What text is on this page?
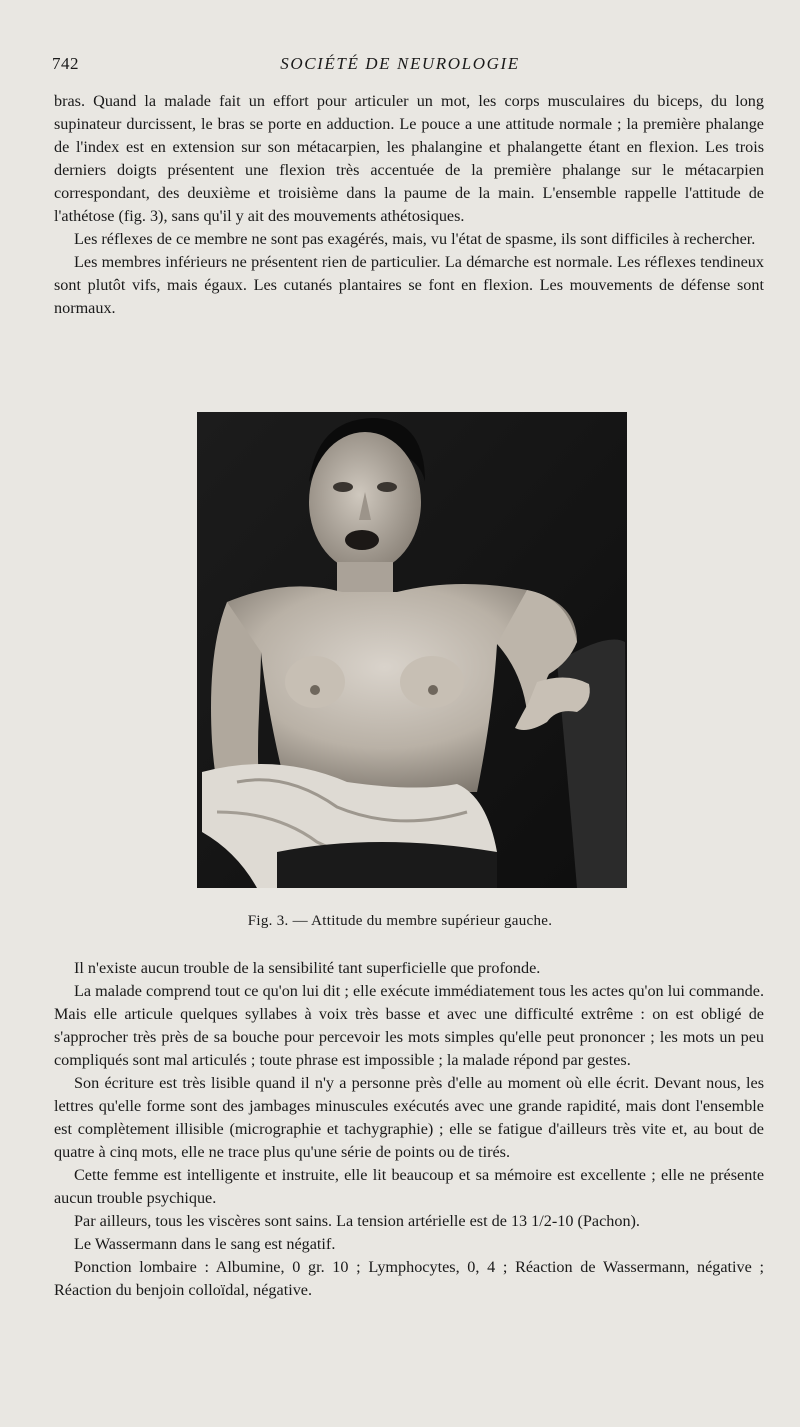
742	SOCIÉTÉ DE NEUROLOGIE

bras. Quand la malade fait un effort pour articuler un mot, les corps musculaires du biceps, du long supinateur durcissent, le bras se porte en adduction. Le pouce a une attitude normale ; la première phalange de l'index est en extension sur son métacarpien, les phalangine et phalangette étant en flexion. Les trois derniers doigts présentent une flexion très accentuée de la première phalange sur le métacarpien correspondant, des deuxième et troisième dans la paume de la main. L'ensemble rappelle l'attitude de l'athétose (fig. 3), sans qu'il y ait des mouvements athétosiques.

Les réflexes de ce membre ne sont pas exagérés, mais, vu l'état de spasme, ils sont difficiles à rechercher.

Les membres inférieurs ne présentent rien de particulier. La démarche est normale. Les réflexes tendineux sont plutôt vifs, mais égaux. Les cutanés plantaires se font en flexion. Les mouvements de défense sont normaux.

Fig. 3. — Attitude du membre supérieur gauche.

Il n'existe aucun trouble de la sensibilité tant superficielle que profonde.

La malade comprend tout ce qu'on lui dit ; elle exécute immédiatement tous les actes qu'on lui commande. Mais elle articule quelques syllabes à voix très basse et avec une difficulté extrême : on est obligé de s'approcher très près de sa bouche pour percevoir les mots simples qu'elle peut prononcer ; les mots un peu compliqués sont mal articulés ; toute phrase est impossible ; la malade répond par gestes.

Son écriture est très lisible quand il n'y a personne près d'elle au moment où elle écrit. Devant nous, les lettres qu'elle forme sont des jambages minuscules exécutés avec une grande rapidité, mais dont l'ensemble est complètement illisible (micrographie et tachygraphie) ; elle se fatigue d'ailleurs très vite et, au bout de quatre à cinq mots, elle ne trace plus qu'une série de points ou de tirés.

Cette femme est intelligente et instruite, elle lit beaucoup et sa mémoire est excellente ; elle ne présente aucun trouble psychique.

Par ailleurs, tous les viscères sont sains. La tension artérielle est de 13 1/2-10 (Pachon).

Le Wassermann dans le sang est négatif.

Ponction lombaire : Albumine, 0 gr. 10 ; Lymphocytes, 0, 4 ; Réaction de Wassermann, négative ; Réaction du benjoin colloïdal, négative.
